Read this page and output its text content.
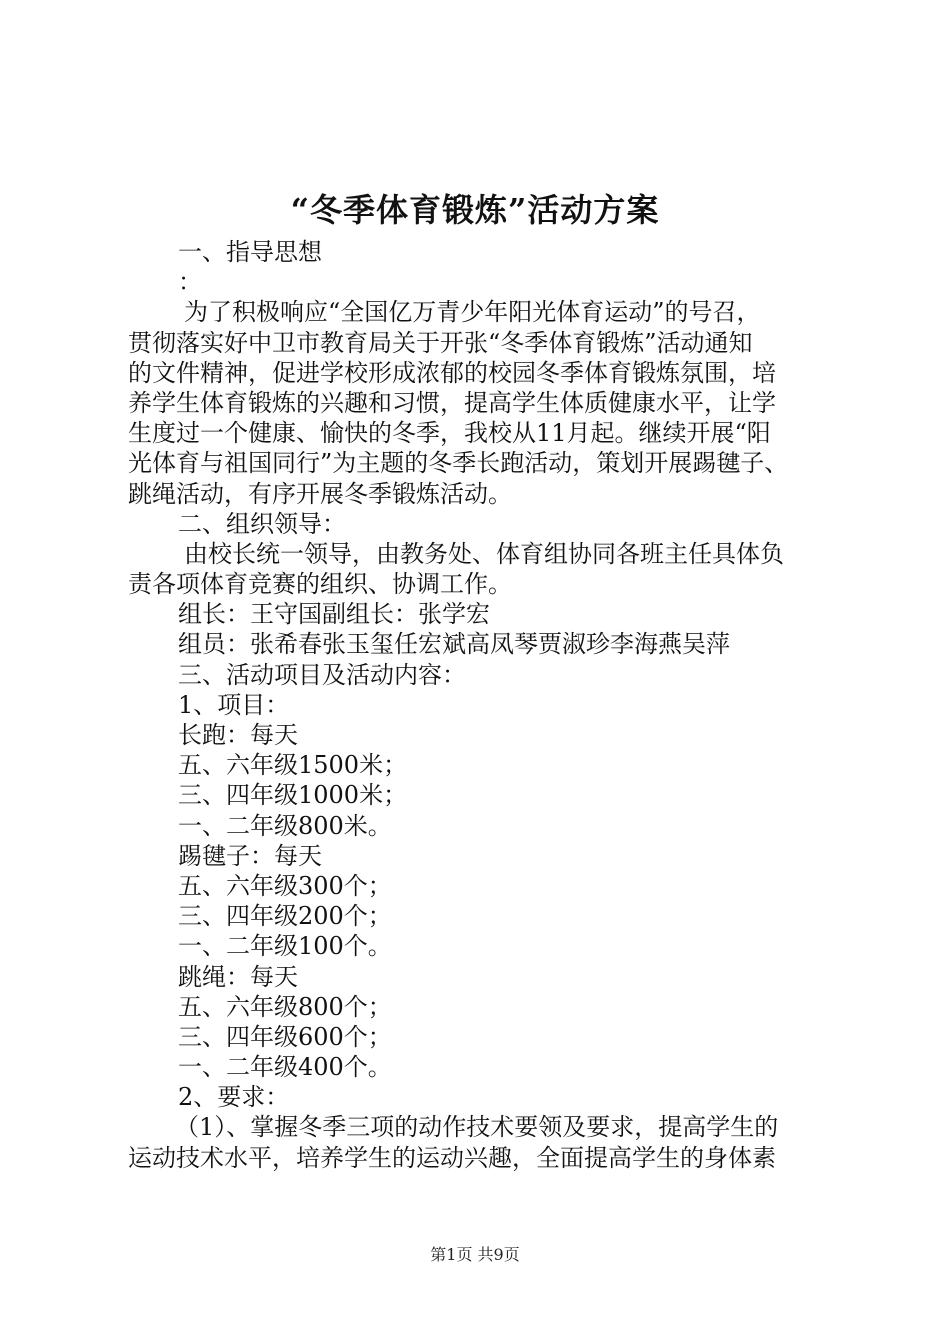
“冬季体育锻炼”活动方案
一、指导思想
：
为了积极响应“全国亿万青少年阳光体育运动”的号召，
贯彻落实好中卫市教育局关于开张“冬季体育锻炼”活动通知
的文件精神，促进学校形成浓郁的校园冬季体育锻炼氛围，培
养学生体育锻炼的兴趣和习惯，提高学生体质健康水平，让学
生度过一个健康、愉快的冬季，我校从11月起。继续开展“阳
光体育与祖国同行”为主题的冬季长跑活动，策划开展踢毽子、
跳绳活动，有序开展冬季锻炼活动。
二、组织领导：
由校长统一领导，由教务处、体育组协同各班主任具体负
责各项体育竞赛的组织、协调工作。
组长：王守国副组长：张学宏
组员：张希春张玉玺任宏斌高凤琴贾淑珍李海燕吴萍
三、活动项目及活动内容：
1、项目：
长跑：每天
五、六年级1500米；
三、四年级1000米；
一、二年级800米。
踢毽子：每天
五、六年级300个；
三、四年级200个；
一、二年级100个。
跳绳：每天
五、六年级800个；
三、四年级600个；
一、二年级400个。
2、要求：
（1）、掌握冬季三项的动作技术要领及要求，提高学生的
运动技术水平，培养学生的运动兴趣，全面提高学生的身体素
第1页 共9页
